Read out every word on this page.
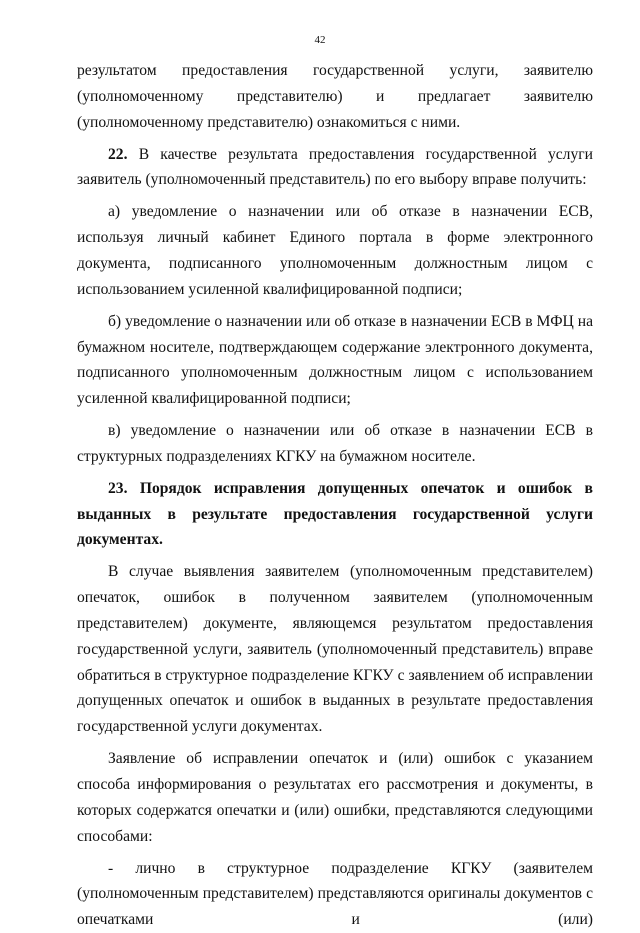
42

результатом предоставления государственной услуги, заявителю (уполномоченному представителю) и предлагает заявителю (уполномоченному представителю) ознакомиться с ними.

22. В качестве результата предоставления государственной услуги заявитель (уполномоченный представитель) по его выбору вправе получить:

а) уведомление о назначении или об отказе в назначении ЕСВ, используя личный кабинет Единого портала в форме электронного документа, подписанного уполномоченным должностным лицом с использованием усиленной квалифицированной подписи;

б) уведомление о назначении или об отказе в назначении ЕСВ в МФЦ на бумажном носителе, подтверждающем содержание электронного документа, подписанного уполномоченным должностным лицом с использованием усиленной квалифицированной подписи;

в) уведомление о назначении или об отказе в назначении ЕСВ в структурных подразделениях КГКУ на бумажном носителе.

23. Порядок исправления допущенных опечаток и ошибок в выданных в результате предоставления государственной услуги документах.

В случае выявления заявителем (уполномоченным представителем) опечаток, ошибок в полученном заявителем (уполномоченным представителем) документе, являющемся результатом предоставления государственной услуги, заявитель (уполномоченный представитель) вправе обратиться в структурное подразделение КГКУ с заявлением об исправлении допущенных опечаток и ошибок в выданных в результате предоставления государственной услуги документах.

Заявление об исправлении опечаток и (или) ошибок с указанием способа информирования о результатах его рассмотрения и документы, в которых содержатся опечатки и (или) ошибки, представляются следующими способами:

- лично в структурное подразделение КГКУ (заявителем (уполномоченным представителем) представляются оригиналы документов с опечатками и (или)
